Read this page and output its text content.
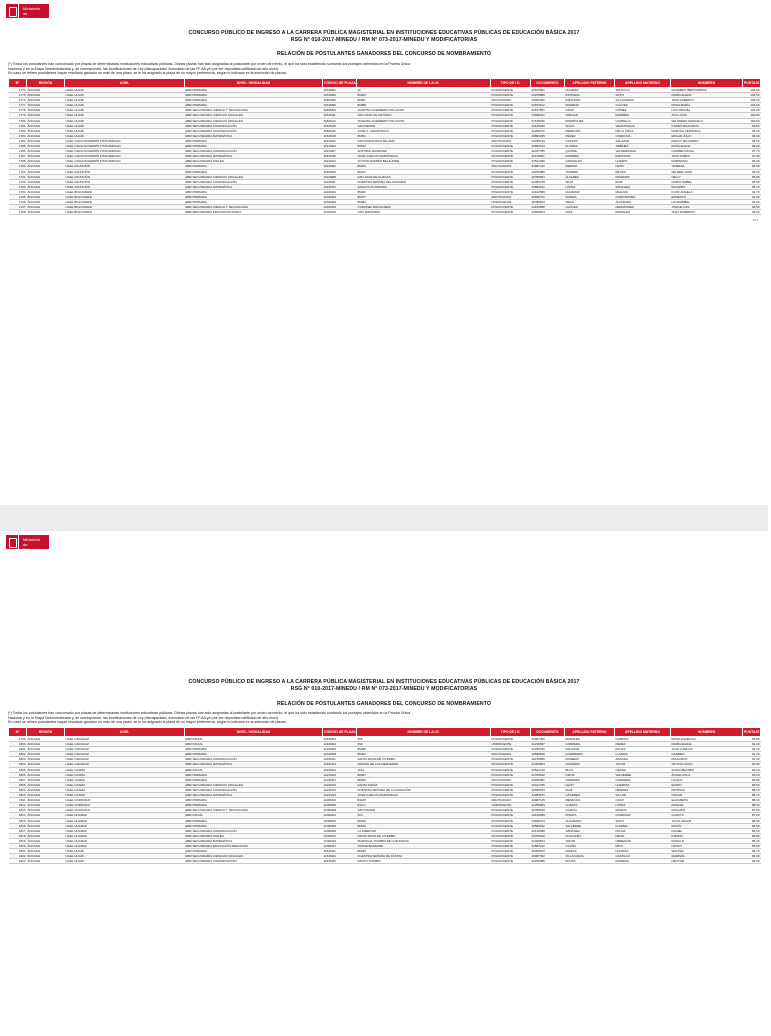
Ministerio
de Educación
CONCURSO PÚBLICO DE INGRESO A LA CARRERA PÚBLICA MAGISTERIAL EN INSTITUCIONES EDUCATIVAS PÚBLICAS DE EDUCACIÓN BÁSICA 2017
RSG N° 010-2017-MINEDU / RM N° 073-2017-MINEDU Y MODIFICATORIAS
RELACIÓN DE POSTULANTES GANADORES DEL CONCURSO DE NOMBRAMIENTO
(*) Todos los postulantes han concursado por plazas de determinadas instituciones educativas públicas. Dichas plazas han sido asignadas al postulante por orden de mérito, el que ha sido establecido sumando los puntajes obtenidos en la Prueba Única
Nacional y en la Etapa Descentralizada y, de corresponder, las bonificaciones de Ley (discapacidad, licenciado de las FF.AA y/o por ser deportista calificado de alto nivel).
En caso se retiren postulantes hayan resultado ganador en más de una plaza, se le ha asignado la plaza de su mayor preferencia, según lo indicado en la selección de plazas.
N°	REGIÓN	UGEL	NIVEL / MODALIDAD	CÓDIGO DE PLAZA	NOMBRE DE LA I.E.	TIPO DE I.E.	DOCUMENTO	APELLIDO PATERNO	APELLIDO MATERNO	NOMBRES	PUNTAJE FINAL
1774	ÁNCASH	UGEL HUARI	EBR PRIMARIA	1154M01	12	POLIDOCENTE	42165891	HUAMÁN	TRUJILLO	ROSMERY BERNARDINA	105.90
1775	ÁNCASH	UGEL HUARI	EBR PRIMARIA	1154M03	86063	POLIDOCENTE	43245880	ESTRADA	SOTO	MARÍA ELENA	104.50
1776	ÁNCASH	UGEL HUARI	EBR PRIMARIA	1180M02	86507	MULTIGRADO	46052391	ESPINOZA	VILLANUEVA	JUAN ALBERTO	103.10
1777	ÁNCASH	UGEL HUARI	EBR PRIMARIA	1154M05	86088	POLIDOCENTE	42874512	MORENO	CHÁVEZ	ROSA MARÍA	102.60
1778	ÁNCASH	UGEL HUARI	EBR SECUNDARIA CIENCIA Y TECNOLOGÍA	1180M09	VICENTE GUERRERO PALACIOS	POLIDOCENTE	40517851	CRUZ	GÓMEZ	LUIS MIGUEL	101.20
1779	ÁNCASH	UGEL HUARI	EBR SECUNDARIA CIENCIAS SOCIALES	1154M11	SAN JUAN DE ANTONIO	POLIDOCENTE	43698421	VARGAS	RAMÍREZ	ANA LUCÍA	100.80
1780	ÁNCASH	UGEL HUARI	EBR SECUNDARIA CIENCIAS SOCIALES	1180M12	VICENTE GUERRERO PALACIOS	POLIDOCENTE	41578236	RODRÍGUEZ	CARRILLO	WILFREDO MARCELO	100.50
1781	ÁNCASH	UGEL HUARI	EBR SECUNDARIA COMUNICACIÓN	1154M15	SAN PEDRO	POLIDOCENTE	44125630	SOLÍS	VERÁSTEGUI	KAREN MILAGROS	99.80
1782	ÁNCASH	UGEL HUARI	EBR SECUNDARIA COMUNICACIÓN	1180M16	JOSÉ C. MARIÁTEGUI	POLIDOCENTE	42298741	MENDOZA	DE LA CRUZ	MARTHA VERÓNICA	99.40
1783	ÁNCASH	UGEL HUARI	EBR SECUNDARIA MATEMÁTICA	1154M18	86051	POLIDOCENTE	40896325	PÉREZ	CÓRDOVA	EDGAR JULIO	98.90
1784	ÁNCASH	UGEL CARLOS FERMÍN FITZCARRALD	EBR PRIMARIA	1191M01	SAN FRANCISCO DE ASÍS	MULTIGRADO	44785120	CASTRO	SALAZAR	PERCY WILFREDO	98.60
1785	ÁNCASH	UGEL CARLOS FERMÍN FITZCARRALD	EBR PRIMARIA	1191M04	86512	POLIDOCENTE	43652104	FLORES	JIMÉNEZ	ROSA ELENA	98.20
1786	ÁNCASH	UGEL CARLOS FERMÍN FITZCARRALD	EBR SECUNDARIA COMUNICACIÓN	1191M07	ANTONIO RAIMONDI	POLIDOCENTE	42017785	QUISPE	VALDERRAMA	CARMEN ROSA	97.70
1787	ÁNCASH	UGEL CARLOS FERMÍN FITZCARRALD	EBR SECUNDARIA MATEMÁTICA	1191M10	JOSÉ CARLOS MARIÁTEGUI	POLIDOCENTE	41136987	RAMÍREZ	ESPINOZA	JUAN PABLO	97.30
1788	ÁNCASH	UGEL CARLOS FERMÍN FITZCARRALD	EBR SECUNDARIA INGLÉS	1191M12	VÍCTOR ANDRÉS BELAÚNDE	POLIDOCENTE	44521036	GONZALES	HUERTA	ROBINSON	96.90
1789	ÁNCASH	UGEL ASUNCIÓN	EBR PRIMARIA	1194M02	86203	MULTIGRADO	43987412	MEDINA	LEÓN	YESENIA	96.50
1790	ÁNCASH	UGEL ASUNCIÓN	EBR PRIMARIA	1194M05	86207	POLIDOCENTE	40236985	TORRES	REYES	WILMER JUAN	96.20
1791	ÁNCASH	UGEL ASUNCIÓN	EBR SECUNDARIA CIENCIAS SOCIALES	1194M08	SAN JUAN DE CHACAS	POLIDOCENTE	42789654	ÁLVAREZ	PAREDES	NELLY	95.80
1792	ÁNCASH	UGEL ASUNCIÓN	EBR SECUNDARIA COMUNICACIÓN	1194M11	NUESTRA SEÑORA DEL ROSARIO	POLIDOCENTE	41365478	SILVA	RUIZ	MARÍA ISABEL	95.40
1793	ÁNCASH	UGEL ASUNCIÓN	EBR SECUNDARIA MATEMÁTICA	1194M13	AMAUTA ATUSPARIA	POLIDOCENTE	44896321	LÓPEZ	SÁNCHEZ	RICARDO	95.10
1794	ÁNCASH	UGEL BOLOGNESI	EBR PRIMARIA	1201M01	86362	POLIDOCENTE	43012589	HUAMANÍ	MALLMA	FLOR ÁNGELA	94.70
1795	ÁNCASH	UGEL BOLOGNESI	EBR PRIMARIA	1201M03	86377	MULTIGRADO	42658741	RIVERA	OCROSPOMA	ERNESTO	94.30
1796	ÁNCASH	UGEL BOLOGNESI	EBR PRIMARIA	1201M06	86384	UNIDOCENTE	40789523	VEGA	ALVARADO	LIZ MARIBEL	93.90
1797	ÁNCASH	UGEL BOLOGNESI	EBR SECUNDARIA CIENCIA Y TECNOLOGÍA	1201M09	CORONEL BOLOGNESI	POLIDOCENTE	44123698	CHÁVEZ	FERNÁNDEZ	JORGE LUIS	93.50
1798	ÁNCASH	UGEL BOLOGNESI	EBR SECUNDARIA EDUCACIÓN FÍSICA	1201M12	SAN JERÓNIMO	POLIDOCENTE	43569874	DÍAZ	MORALES	ALEX ROBERTO	93.20
107
Ministerio
de Educación
CONCURSO PÚBLICO DE INGRESO A LA CARRERA PÚBLICA MAGISTERIAL EN INSTITUCIONES EDUCATIVAS PÚBLICAS DE EDUCACIÓN BÁSICA 2017
RSG N° 010-2017-MINEDU / RM N° 073-2017-MINEDU Y MODIFICATORIAS
RELACIÓN DE POSTULANTES GANADORES DEL CONCURSO DE NOMBRAMIENTO
(*) Todos los postulantes han concursado por plazas de determinadas instituciones educativas públicas. Dichas plazas han sido asignadas al postulante por orden de mérito, el que ha sido establecido sumando los puntajes obtenidos en la Prueba Única
Nacional y en la Etapa Descentralizada y, de corresponder, las bonificaciones de Ley (discapacidad, licenciado de las FF.AA y/o por ser deportista calificado de alto nivel).
En caso se retiren postulantes hayan resultado ganador en más de una plaza, se le ha asignado la plaza de su mayor preferencia, según lo indicado en la selección de plazas.
N°	REGIÓN	UGEL	NIVEL / MODALIDAD	CÓDIGO DE PLAZA	NOMBRE DE LA I.E.	TIPO DE I.E.	DOCUMENTO	APELLIDO PATERNO	APELLIDO MATERNO	NOMBRES	PUNTAJE FINAL
1799	ÁNCASH	UGEL CARHUAZ	EBR INICIAL	1210M01	356	POLIDOCENTE	42987456	MORALES	CAMPOS	ROSA ANGÉLICA	92.80
1800	ÁNCASH	UGEL CARHUAZ	EBR INICIAL	1210M03	369	UNIDOCENTE	41236587	CABRERA	PÉREZ	MARÍA ELENA	92.40
1801	ÁNCASH	UGEL CARHUAZ	EBR PRIMARIA	1210M06	86298	POLIDOCENTE	44785236	SALAZAR	ROJAS	JUAN CARLOS	92.10
1802	ÁNCASH	UGEL CARHUAZ	EBR PRIMARIA	1210M08	86302	MULTIGRADO	43698520	GUERRERO	LLANOS	CARMEN	91.70
1803	ÁNCASH	UGEL CARHUAZ	EBR SECUNDARIA COMUNICACIÓN	1210M11	SANTA ROSA DE VITERBO	POLIDOCENTE	40125896	ROMERO	ARANDA	MILAGROS	91.30
1804	ÁNCASH	UGEL CARHUAZ	EBR SECUNDARIA MATEMÁTICA	1210M14	VIRGEN DE LAS MERCEDES	POLIDOCENTE	42369854	NAVARRO	TAFUR	VÍCTOR HUGO	90.90
1805	ÁNCASH	UGEL CASMA	EBR INICIAL	1221M01	1614	POLIDOCENTE	44521478	BLAS	CERNA	SONIA BEATRIZ	90.60
1806	ÁNCASH	UGEL CASMA	EBR PRIMARIA	1221M04	88057	POLIDOCENTE	41789632	ORTIZ	VALVERDE	ÁNGEL RAÚL	90.20
1807	ÁNCASH	UGEL CASMA	EBR PRIMARIA	1221M07	88063	MULTIGRADO	43256987	PAREDES	GAMARRA	LILIANA	89.80
1808	ÁNCASH	UGEL CASMA	EBR SECUNDARIA CIENCIAS SOCIALES	1221M10	SANTA MARÍA	POLIDOCENTE	42014785	LEÓN	HUERTAS	EDWIN	89.50
1809	ÁNCASH	UGEL CASMA	EBR SECUNDARIA COMUNICACIÓN	1221M13	NUESTRA SEÑORA DE LA ASUNCIÓN	POLIDOCENTE	40698523	RUIZ	MÉNDEZ	PATRICIA	89.10
1810	ÁNCASH	UGEL CASMA	EBR SECUNDARIA MATEMÁTICA	1221M15	JOSÉ CARLOS MARIÁTEGUI	POLIDOCENTE	44369871	CÁCERES	VILLAR	OSCAR	88.70
1811	ÁNCASH	UGEL CORONGO	EBR PRIMARIA	1230M02	84108	MULTIGRADO	43987145	MENDOZA	CRUZ	ELIZABETH	88.30
1812	ÁNCASH	UGEL CORONGO	EBR PRIMARIA	1230M05	84117	UNIDOCENTE	41258963	HUERTA	LÓPEZ	MANUEL	88.00
1813	ÁNCASH	UGEL CORONGO	EBR SECUNDARIA CIENCIA Y TECNOLOGÍA	1230M08	SAN PEDRO	POLIDOCENTE	42789630	GARCÍA	RAMOS	ROSARIO	87.60
1814	ÁNCASH	UGEL HUARAZ	EBR INICIAL	1240M01	423	POLIDOCENTE	44120369	MINAYA	CÓRDOVA	GLADYS	87.20
1815	ÁNCASH	UGEL HUARAZ	EBR PRIMARIA	1240M04	86010	POLIDOCENTE	43698014	ALVARADO	SOTO	JULIO CÉSAR	86.90
1816	ÁNCASH	UGEL HUARAZ	EBR PRIMARIA	1240M06	86016	POLIDOCENTE	40589632	VALVERDE	FLORES	ROCÍO	86.50
1817	ÁNCASH	UGEL HUARAZ	EBR SECUNDARIA COMUNICACIÓN	1240M09	LA LIBERTAD	POLIDOCENTE	42145698	SÁNCHEZ	PALMA	DANIEL	86.10
1818	ÁNCASH	UGEL HUARAZ	EBR SECUNDARIA INGLÉS	1240M12	SANTA ROSA DE VITERBO	POLIDOCENTE	44789632	HUAYANEY	MEJÍA	KARINA	85.80
1819	ÁNCASH	UGEL HUARAZ	EBR SECUNDARIA MATEMÁTICA	1240M15	MARISCAL TORIBIO DE LUZURIAGA	POLIDOCENTE	41025874	TAFUR	OBREGÓN	RONALD	85.40
1820	ÁNCASH	UGEL HUARAZ	EBR SECUNDARIA EDUCACIÓN RELIGIOSA	1240M17	JORGE BASADRE	POLIDOCENTE	43587412	OCAÑA	RÍOS	NANCY	85.00
1821	ÁNCASH	UGEL HUARI	EBR PRIMARIA	1154M21	86068	POLIDOCENTE	42369870	RAMOS	HUAMÁN	WALTER	84.70
1822	ÁNCASH	UGEL HUARI	EBR SECUNDARIA CIENCIAS SOCIALES	1154M24	NUESTRA SEÑORA DE FÁTIMA	POLIDOCENTE	40987452	VILLANUEVA	CASTILLO	MARISOL	84.30
1823	ÁNCASH	UGEL HUARI	EBR SECUNDARIA COMUNICACIÓN	1154M26	SANTO TORIBIO	POLIDOCENTE	44236985	ROJAS	MORENO	HÉCTOR	83.90
